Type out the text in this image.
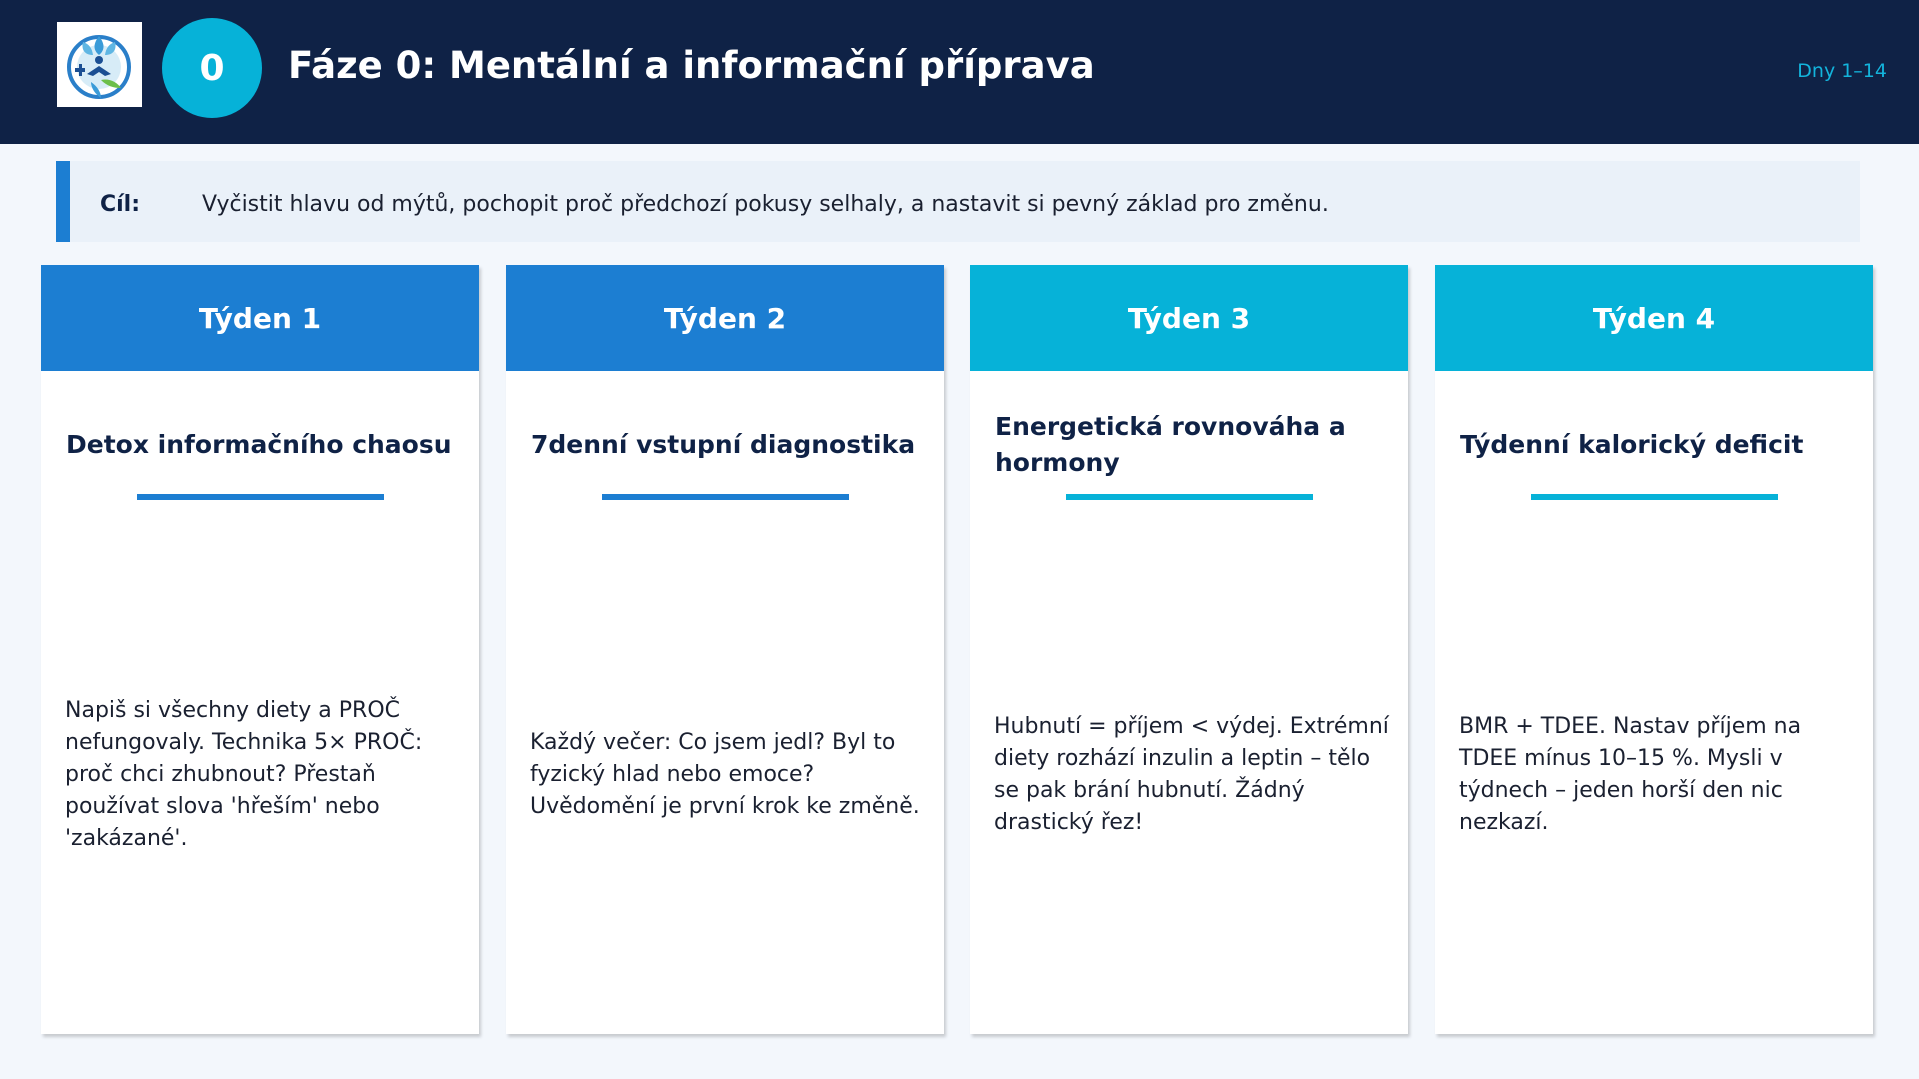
0	Fáze 0: Mentální a informační příprava	Dny 1–14
Cíl:	Vyčistit hlavu od mýtů, pochopit proč předchozí pokusy selhaly, a nastavit si pevný základ pro změnu.
Týden 1
Detox informačního chaosu
Napiš si všechny diety a PROČ nefungovaly. Technika 5× PROČ: proč chci zhubnout? Přestaň používat slova 'hřeším' nebo 'zakázané'.
Týden 2
7denní vstupní diagnostika
Každý večer: Co jsem jedl? Byl to fyzický hlad nebo emoce? Uvědomění je první krok ke změně.
Týden 3
Energetická rovnováha a hormony
Hubnutí = příjem < výdej. Extrémní diety rozhází inzulin a leptin – tělo se pak brání hubnutí. Žádný drastický řez!
Týden 4
Týdenní kalorický deficit
BMR + TDEE. Nastav příjem na TDEE mínus 10–15 %. Mysli v týdnech – jeden horší den nic nezkazí.
